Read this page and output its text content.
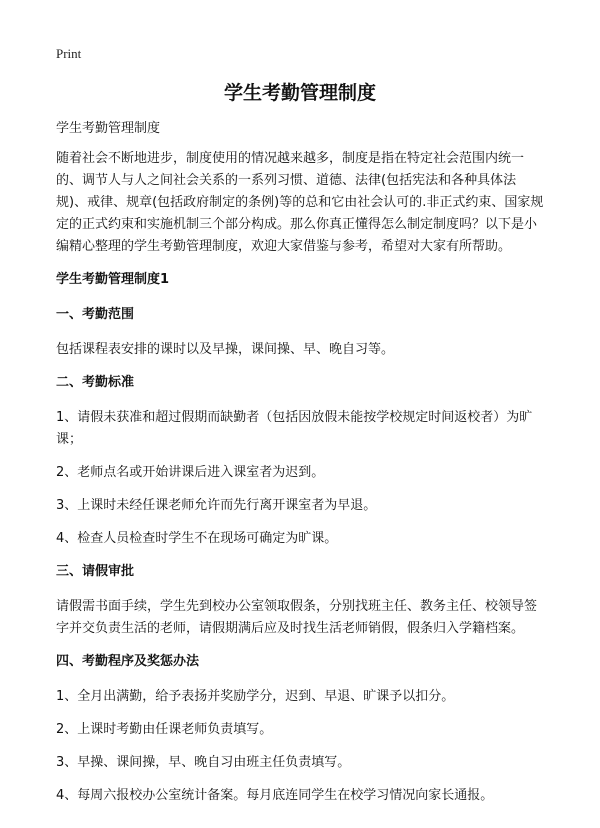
Print
学生考勤管理制度

学生考勤管理制度

随着社会不断地进步，制度使用的情况越来越多，制度是指在特定社会范围内统一的、调节人与人之间社会关系的一系列习惯、道德、法律(包括宪法和各种具体法规)、戒律、规章(包括政府制定的条例)等的总和它由社会认可的.非正式约束、国家规定的正式约束和实施机制三个部分构成。那么你真正懂得怎么制定制度吗？以下是小编精心整理的学生考勤管理制度，欢迎大家借鉴与参考，希望对大家有所帮助。

学生考勤管理制度1

一、考勤范围

包括课程表安排的课时以及早操，课间操、早、晚自习等。

二、考勤标准

1、请假未获准和超过假期而缺勤者（包括因放假未能按学校规定时间返校者）为旷课；

2、老师点名或开始讲课后进入课室者为迟到。

3、上课时未经任课老师允许而先行离开课室者为早退。

4、检查人员检查时学生不在现场可确定为旷课。

三、请假审批

请假需书面手续，学生先到校办公室领取假条，分别找班主任、教务主任、校领导签字并交负责生活的老师，请假期满后应及时找生活老师销假，假条归入学籍档案。

四、考勤程序及奖惩办法

1、全月出满勤，给予表扬并奖励学分，迟到、早退、旷课予以扣分。

2、上课时考勤由任课老师负责填写。

3、早操、课间操，早、晚自习由班主任负责填写。

4、每周六报校办公室统计备案。每月底连同学生在校学习情况向家长通报。
